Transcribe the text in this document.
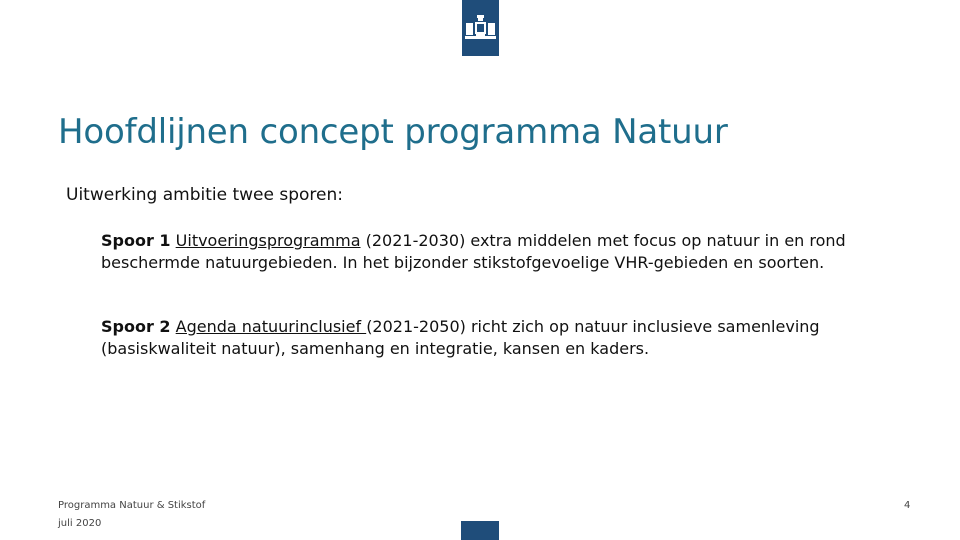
Hoofdlijnen concept programma Natuur
Uitwerking ambitie twee sporen:
Spoor 1 Uitvoeringsprogramma (2021-2030) extra middelen met focus op natuur in en rond beschermde natuurgebieden. In het bijzonder stikstofgevoelige VHR-gebieden en soorten.
Spoor 2 Agenda natuurinclusief (2021-2050) richt zich op natuur inclusieve samenleving (basiskwaliteit natuur), samenhang en integratie, kansen en kaders.
Programma Natuur & Stikstof
juli 2020
4
